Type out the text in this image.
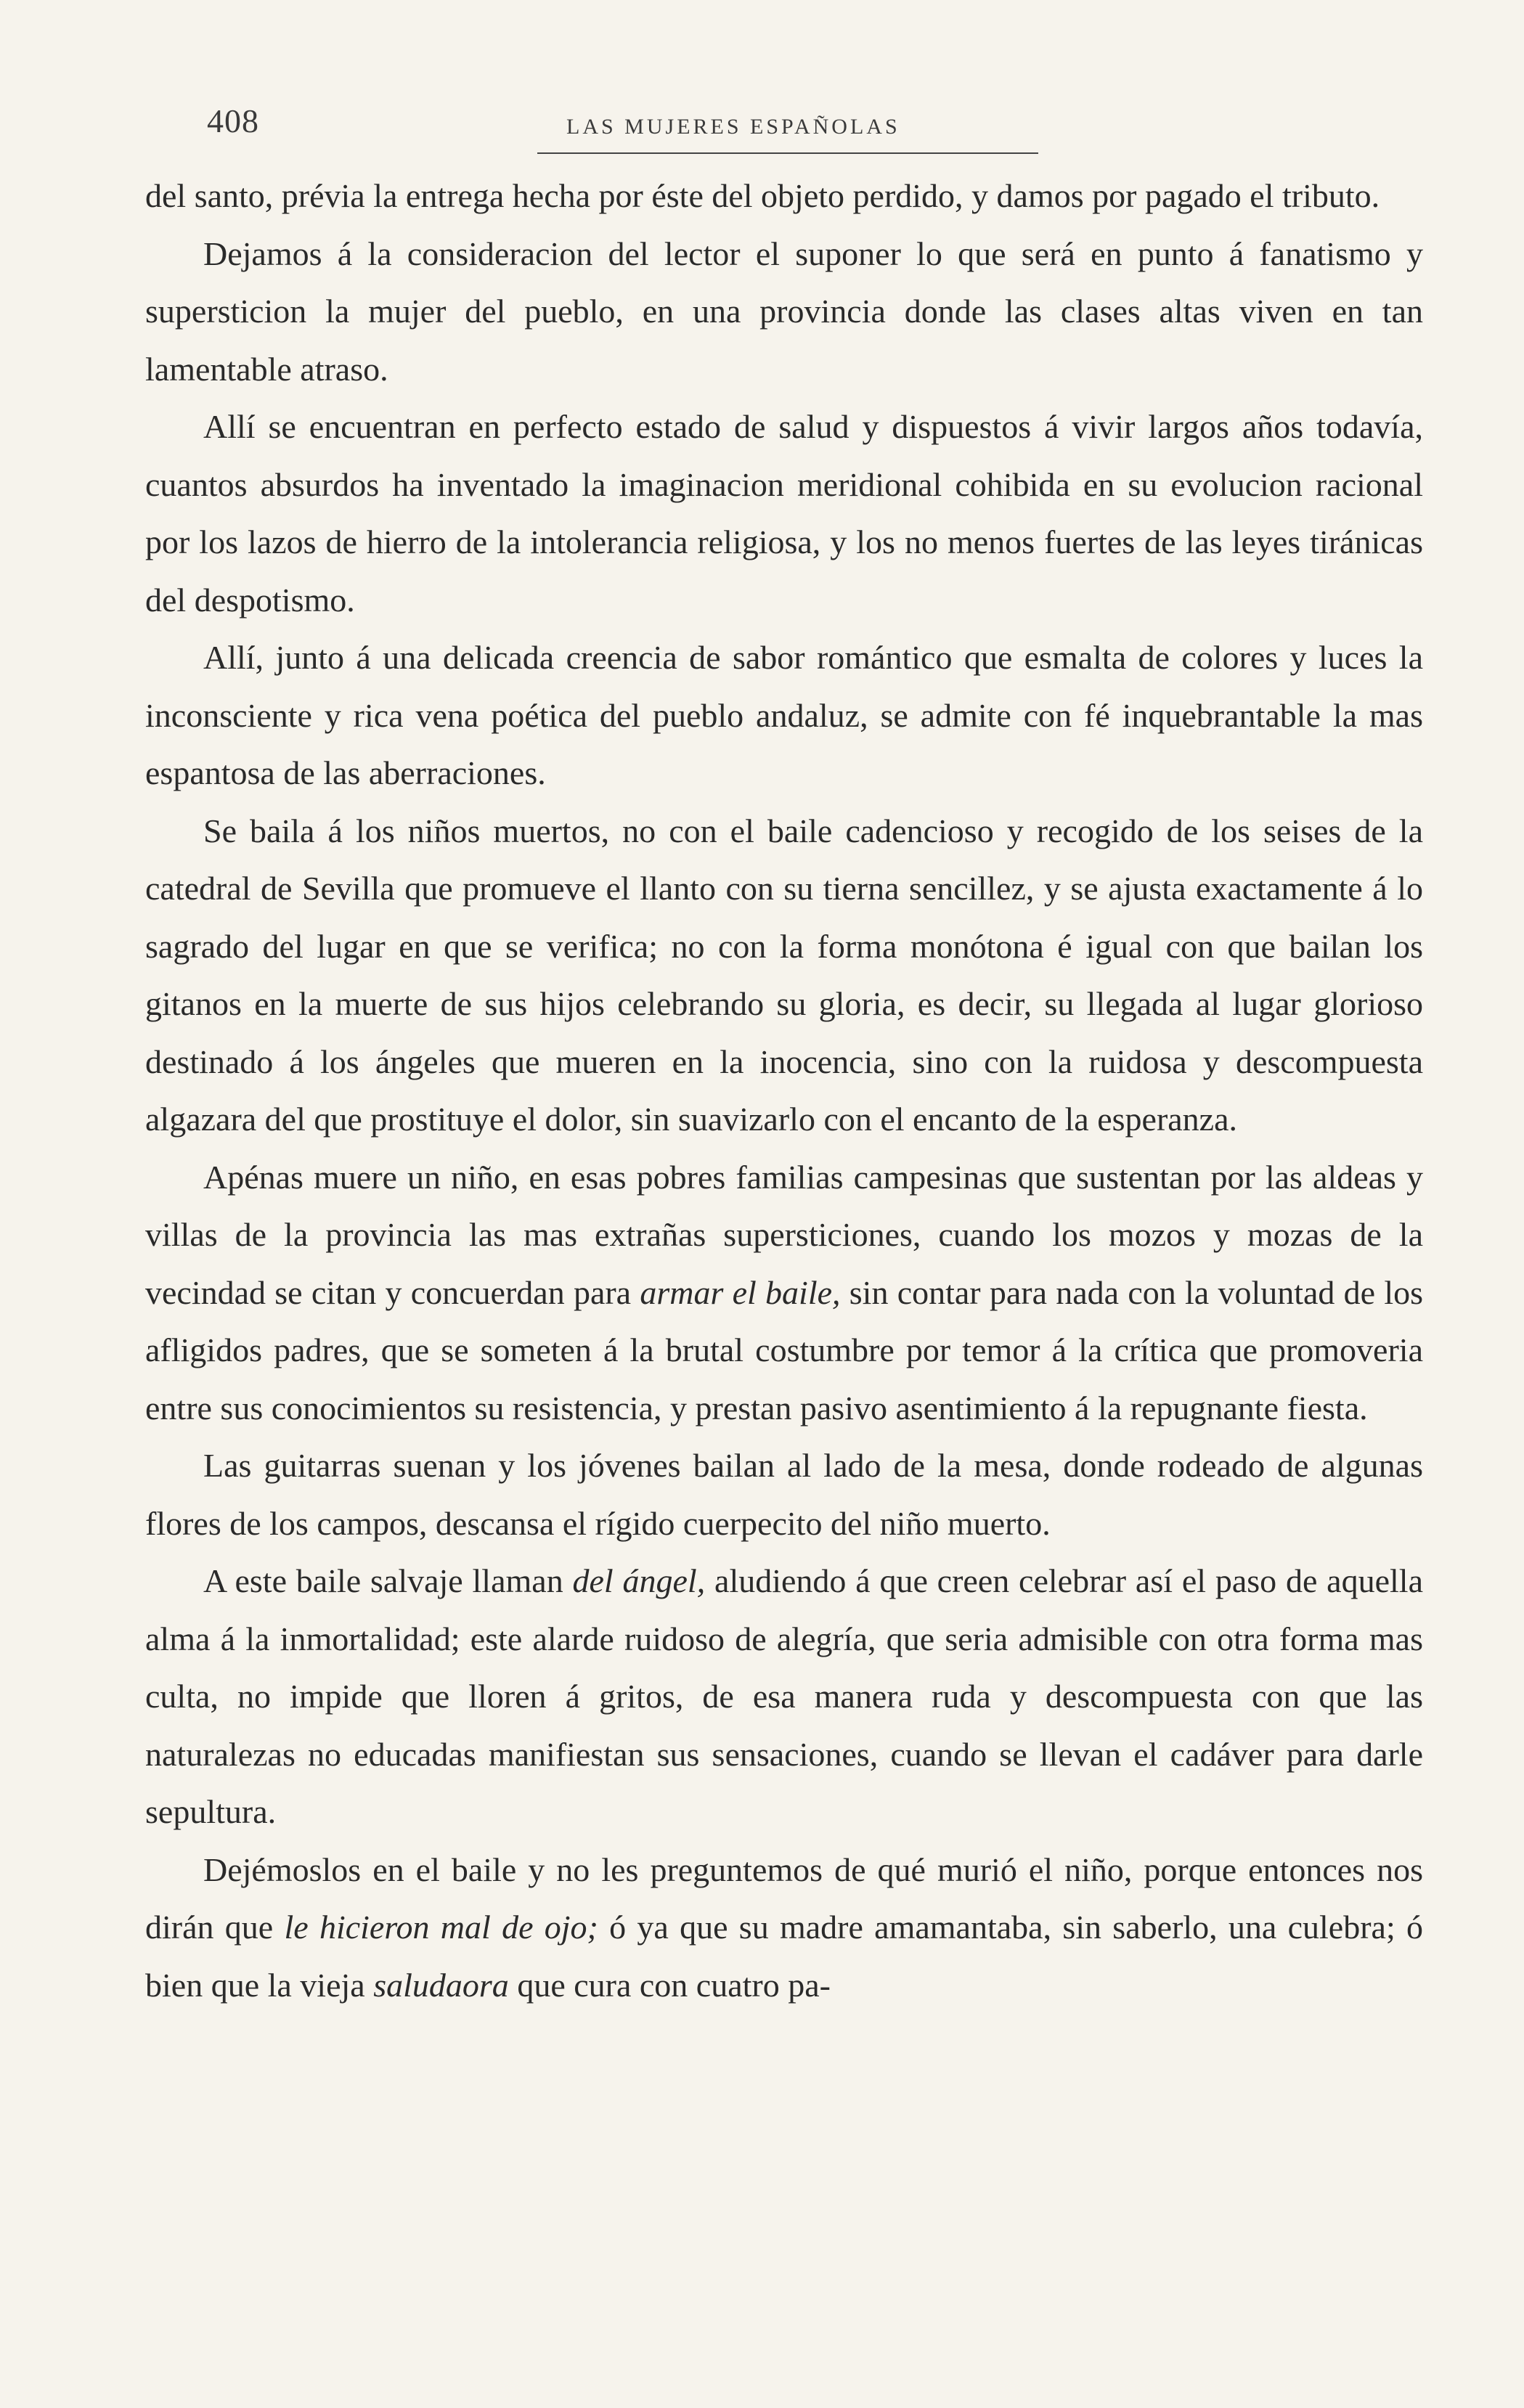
408	LAS MUJERES ESPAÑOLAS

del santo, prévia la entrega hecha por éste del objeto perdido, y damos por pagado el tributo.

Dejamos á la consideracion del lector el suponer lo que será en punto á fanatismo y supersticion la mujer del pueblo, en una provincia donde las clases altas viven en tan lamentable atraso.

Allí se encuentran en perfecto estado de salud y dispuestos á vivir largos años todavía, cuantos absurdos ha inventado la imaginacion meridional cohibida en su evolucion racional por los lazos de hierro de la intolerancia religiosa, y los no menos fuertes de las leyes tiránicas del despotismo.

Allí, junto á una delicada creencia de sabor romántico que esmalta de colores y luces la inconsciente y rica vena poética del pueblo andaluz, se admite con fé inquebrantable la mas espantosa de las aberraciones.

Se baila á los niños muertos, no con el baile cadencioso y recogido de los seises de la catedral de Sevilla que promueve el llanto con su tierna sencillez, y se ajusta exactamente á lo sagrado del lugar en que se verifica; no con la forma monótona é igual con que bailan los gitanos en la muerte de sus hijos celebrando su gloria, es decir, su llegada al lugar glorioso destinado á los ángeles que mueren en la inocencia, sino con la ruidosa y descompuesta algazara del que prostituye el dolor, sin suavizarlo con el encanto de la esperanza.

Apénas muere un niño, en esas pobres familias campesinas que sustentan por las aldeas y villas de la provincia las mas extrañas supersticiones, cuando los mozos y mozas de la vecindad se citan y concuerdan para armar el baile, sin contar para nada con la voluntad de los afligidos padres, que se someten á la brutal costumbre por temor á la crítica que promoveria entre sus conocimientos su resistencia, y prestan pasivo asentimiento á la repugnante fiesta.

Las guitarras suenan y los jóvenes bailan al lado de la mesa, donde rodeado de algunas flores de los campos, descansa el rígido cuerpecito del niño muerto.

A este baile salvaje llaman del ángel, aludiendo á que creen celebrar así el paso de aquella alma á la inmortalidad; este alarde ruidoso de alegría, que seria admisible con otra forma mas culta, no impide que lloren á gritos, de esa manera ruda y descompuesta con que las naturalezas no educadas manifiestan sus sensaciones, cuando se llevan el cadáver para darle sepultura.

Dejémoslos en el baile y no les preguntemos de qué murió el niño, porque entonces nos dirán que le hicieron mal de ojo; ó ya que su madre amamantaba, sin saberlo, una culebra; ó bien que la vieja saludaora que cura con cuatro pa-
